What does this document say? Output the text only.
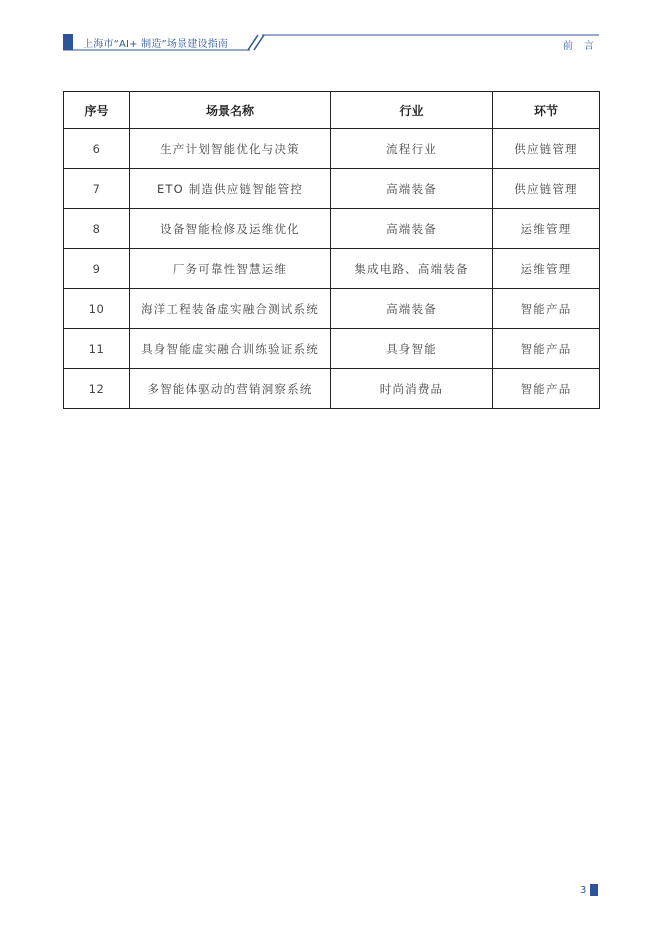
上海市“AI+ 制造”场景建设指南	前 言
序号	场景名称	行业	环节
6	生产计划智能优化与决策	流程行业	供应链管理
7	ETO 制造供应链智能管控	高端装备	供应链管理
8	设备智能检修及运维优化	高端装备	运维管理
9	厂务可靠性智慧运维	集成电路、高端装备	运维管理
10	海洋工程装备虚实融合测试系统	高端装备	智能产品
11	具身智能虚实融合训练验证系统	具身智能	智能产品
12	多智能体驱动的营销洞察系统	时尚消费品	智能产品
3
